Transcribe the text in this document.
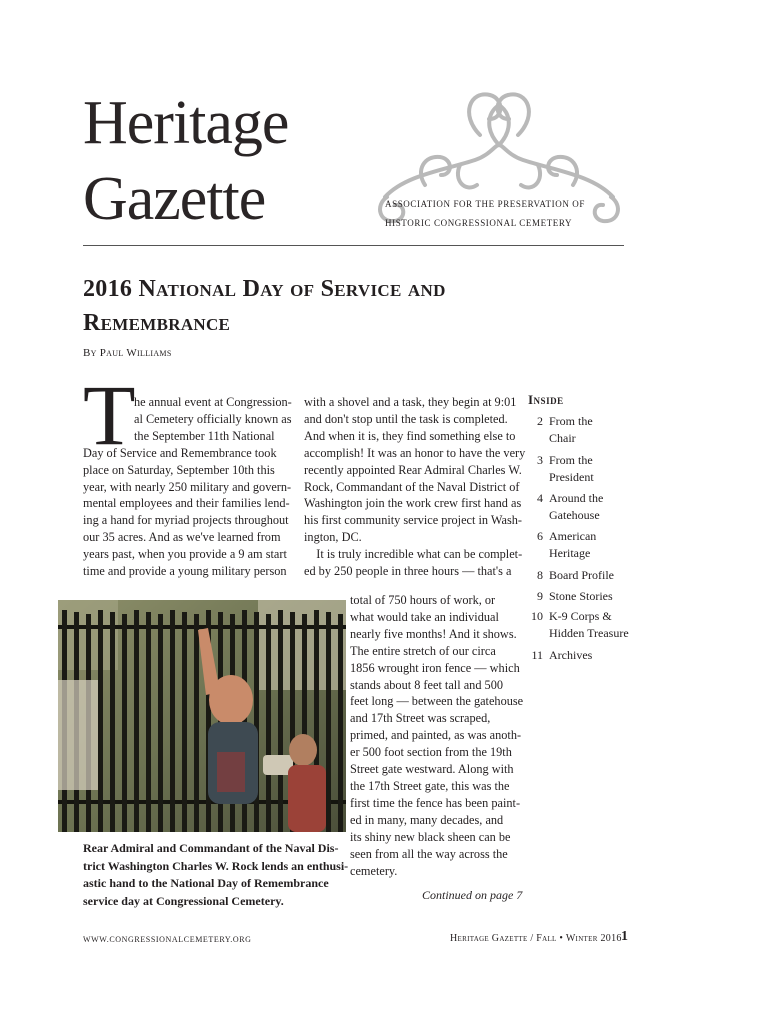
Heritage
Gazette	ASSOCIATION FOR THE PRESERVATION OF
HISTORIC CONGRESSIONAL CEMETERY
2016 National Day of Service and
Remembrance
By Paul Williams
T
he annual event at Congression-
al Cemetery officially known as
the September 11th National
Day of Service and Remembrance took
place on Saturday, September 10th this
year, with nearly 250 military and govern-
mental employees and their families lend-
ing a hand for myriad projects throughout
our 35 acres. And as we've learned from
years past, when you provide a 9 am start
time and provide a young military person
with a shovel and a task, they begin at 9:01
and don't stop until the task is completed.
And when it is, they find something else to
accomplish! It was an honor to have the very
recently appointed Rear Admiral Charles W.
Rock, Commandant of the Naval District of
Washington join the work crew first hand as
his first community service project in Wash-
ington, DC.
It is truly incredible what can be complet-
ed by 250 people in three hours — that's a
total of 750 hours of work, or
what would take an individual
nearly five months! And it shows.
The entire stretch of our circa
1856 wrought iron fence — which
stands about 8 feet tall and 500
feet long — between the gatehouse
and 17th Street was scraped,
primed, and painted, as was anoth-
er 500 foot section from the 19th
Street gate westward. Along with
the 17th Street gate, this was the
first time the fence has been paint-
ed in many, many decades, and
its shiny new black sheen can be
seen from all the way across the
cemetery.
Rear Admiral and Commandant of the Naval Dis-
trict Washington Charles W. Rock lends an enthusi-
astic hand to the National Day of Remembrance
service day at Congressional Cemetery.	Continued on page 7
Inside
2 From the
Chair
3 From the
President
4 Around the
Gatehouse
6 American
Heritage
8 Board Profile
9 Stone Stories
10 K-9 Corps &
Hidden Treasure
11 Archives
WWW.CONGRESSIONALCEMETERY.ORG	Heritage Gazette / Fall • Winter 2016 1
